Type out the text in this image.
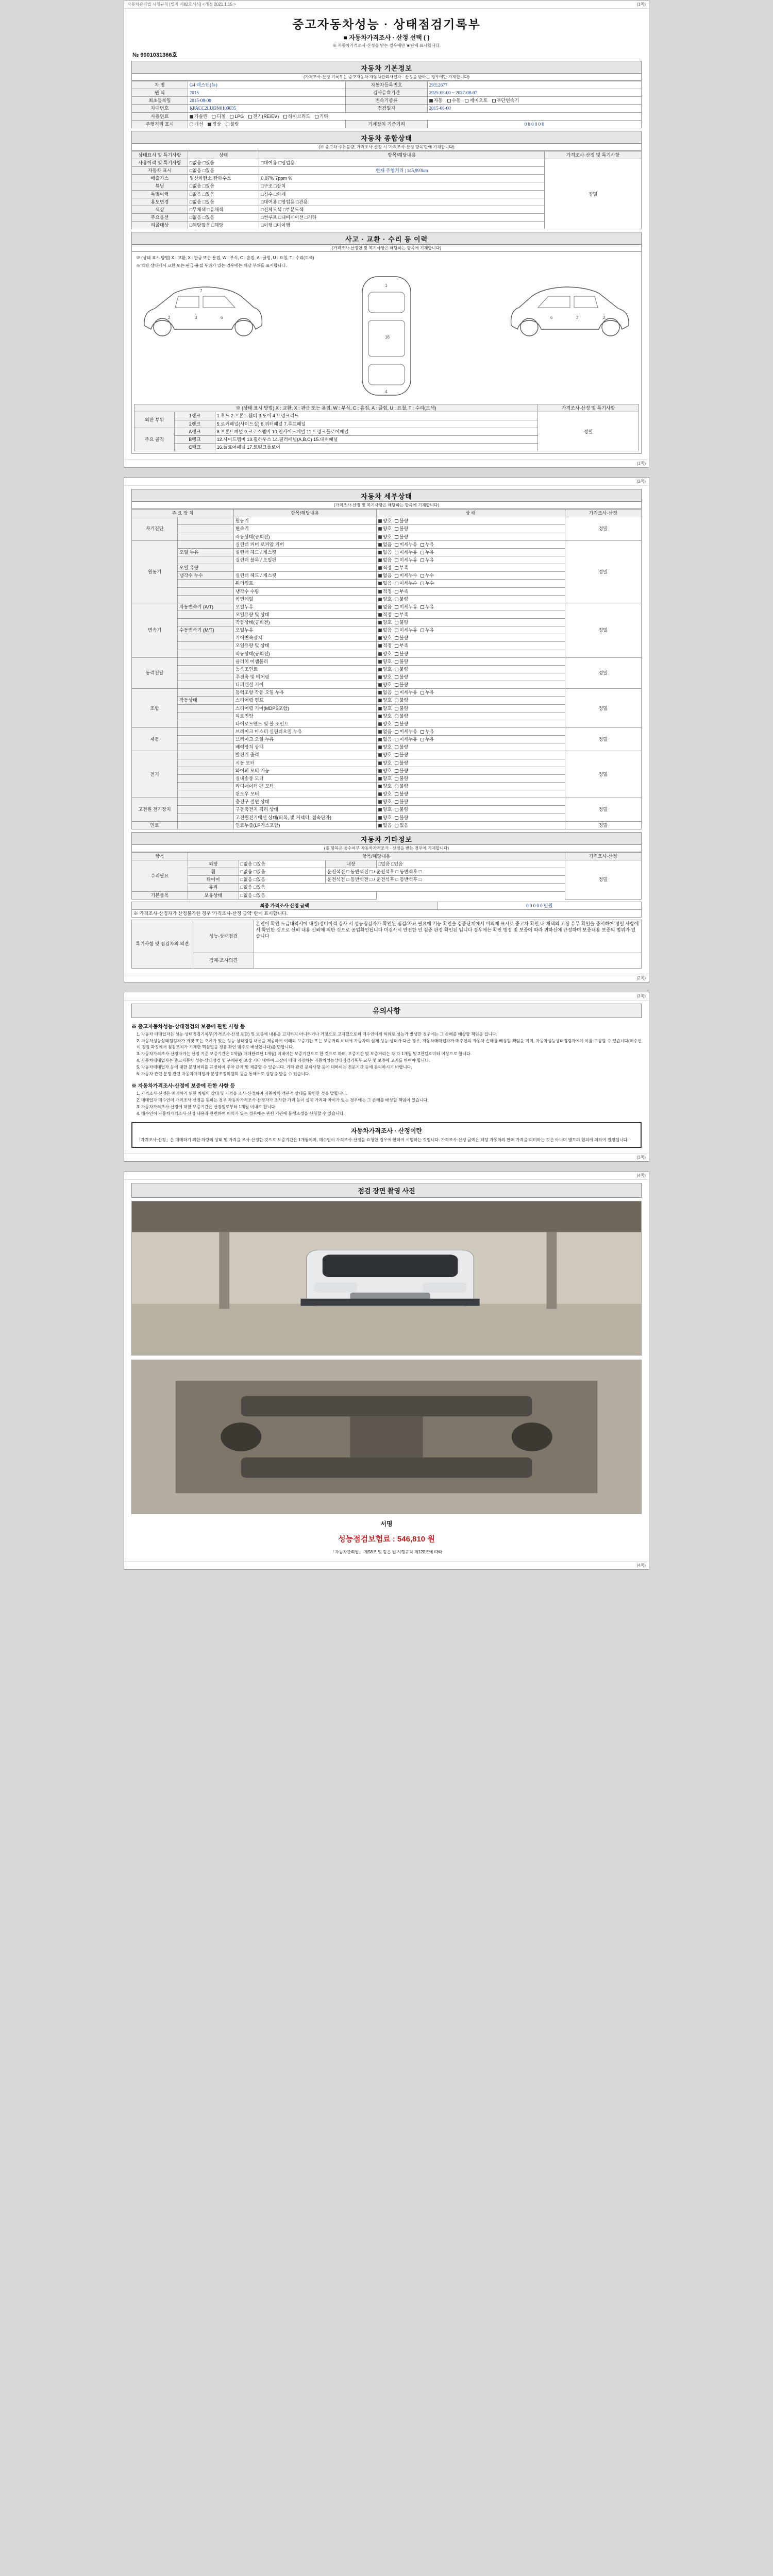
자동차관리법 시행규칙 [별지 제82호서식] <개정 2021.1.15.>	(1쪽)
중고자동차성능 · 상태점검기록부
■ 자동차가격조사 · 산정 선택 ( )
※ 자동차가격조사·산정을 받는 경우에만 '■'란에 표시합니다.
№ 9001031366호
자동차 기본정보
(가격조사·산정 기록부는 중고자동차 자동차관리사업자 · 산정을 받아는 경우에만 기재합니다)
차 명	G4 렉스턴(뉴)	자동차등록번호	29도2677
연 식	2015	검사유효기간	2025-08-00 ~ 2027-08-07
최초등록일	2015-08-00	변속기종류	자동 수동 세미오토 무단변속기
차대번호	KPACC2LUDN0109035	점검일자	2015-08-00
사용연료	가솔린 디젤 LPG 전기(RE/EV) 하이브리드 기타		
주행거리 표시	개선 정상 불량	기계장치 기준거리	0 0 0 0 0 0
자동차 종합상태
(※ 중고차 주유불량, 가격조사·산정 시 '가격조사·산정 항목'란에 기재합니다)
상태표시 및 특기사항	상태	항목/해당내용	가격조사·산정 및 특기사항
사용이력 및 특기사항	□없음 □있음	□대여용 □영업용	정밀
자동차 표시	□없음 □있음	현재 주행거리 | 145,993km	
배출가스	일산화탄소 탄화수소	0.07% 7ppm %	
튜닝	□없음 □있음	□구조 □장치	
특별이력	□없음 □있음	□침수 □화재	
용도변경	□없음 □있음	□대여용 □영업용 □관용	
색상	□무채색 □유채색	□전체도색 □부분도색	
주요옵션	□없음 □있음	□썬루프 □내비게이션 □기타	
리콜대상	□해당없음 □해당	□이행 □미이행	
사고 · 교환 · 수리 등 이력
(가격조사·산정한 및 복기사항은 해당하는 항목에 기재합니다)
※ (상태 표시 방법) X : 교환, X : 판금 또는 용접, W : 부식, C : 흠집, A : 긁힘, U : 요철, T : 수리(도색)
※ 차량 상태에서 교환 또는 판금·용접 부위가 있는 경우에는 해당 부위를 표시합니다.
2	3	6
7
1
16
4
2
3
6
※ (상태 표시 방법) X : 교환, X : 판금 또는 용접, W : 부식, C : 흠집, A : 긁힘, U : 요철, T : 수리(도색)			가격조사·산정 및 특기사항
외판 부위	1랭크	1.후드 2.프론트휀더 3.도어 4.트렁크리드	정밀
	2랭크	5.로커패널(사이드실) 6.쿼터패널 7.루프패널	
주요 골격	A랭크	8.프론트패널 9.크로스멤버 10.인사이드패널 11.트렁크플로어패널	
	B랭크	12.사이드멤버 13.휠하우스 14.필러패널(A,B,C) 15.대쉬패널	
	C랭크	16.플로어패널 17.트렁크플로어	
(1쪽)
(2쪽)
자동차 세부상태
(가격조사·산정 및 복기사항은 해당하는 항목에 기재합니다)
주 요 장 치		항목/해당내용	상 태	가격조사·산정
자기진단		원동기	양호 불량	정밀
		변속기	양호 불량	
		작동상태(공회전)	양호 불량	
원동기		실린더 커버 로커암 커버	없음 미세누유 누유	정밀
	오일 누유	실린더 헤드 / 개스킷	없음 미세누유 누유	
		실린더 블록 / 오일팬	없음 미세누유 누유	
	오일 유량		적정 부족	
	냉각수 누수	실린더 헤드 / 개스킷	없음 미세누수 누수	
		워터펌프	없음 미세누수 누수	
		냉각수 수량	적정 부족	
		커먼레일	양호 불량	
변속기	자동변속기 (A/T)	오일누유	없음 미세누유 누유	정밀
		오일유량 및 상태	적정 부족	
		작동상태(공회전)	양호 불량	
	수동변속기 (M/T)	오일누유	없음 미세누유 누유	
		기어변속장치	양호 불량	
		오일유량 및 상태	적정 부족	
		작동상태(공회전)	양호 불량	
동력전달		클러치 어셈블리	양호 불량	정밀
		등속조인트	양호 불량	
		추진축 및 베어링	양호 불량	
		디퍼렌셜 기어	양호 불량	
조향		동력조향 작동 오일 누유	없음 미세누유 누유	정밀
	작동상태	스티어링 펌프	양호 불량	
		스티어링 기어(MDPS포함)	양호 불량	
		피트먼암	양호 불량	
		타이로드엔드 및 볼 조인트	양호 불량	
제동		브레이크 마스터 실린더오일 누유	없음 미세누유 누유	정밀
		브레이크 오일 누유	없음 미세누유 누유	
		배력장치 상태	양호 불량	
전기		발전기 출력	양호 불량	정밀
		시동 모터	양호 불량	
		와이퍼 모터 기능	양호 불량	
		실내송풍 모터	양호 불량	
		라디에이터 팬 모터	양호 불량	
		윈도우 모터	양호 불량	
고전원 전기장치		충전구 절연 상태	양호 불량	정밀
		구동축전지 격리 상태	양호 불량	
		고전원전기배선 상태(피복, 빛 커넥터, 접속단자)	양호 불량	
연료		연료누출(LP가스포함)	없음 있음	정밀
자동차 기타정보
(※ 항목은 통수여부 자동차가격조사 · 산정을 받는 경우에 기재합니다)
항목	항목/해당내용				가격조사·산정
수리필요	외장	□없음 □있음	내장	□없음 □있음	정밀
	휠	□없음 □있음	운전석전 □ 동반석전 □ / 운전석후 □ 동반석후 □		
	타이어	□없음 □있음	운전석전 □ 동반석전 □ / 운전석후 □ 동반석후 □		
	유리	□없음 □있음			
기본품목	보유상태	□없음 □있음			
최종 가격조사·산정 금액	0 0 0 0 0 만원
※ 가격조사·산정자가 산정불가한 경우 '가격조사·산정 금액' 란에 표시합니다.
특기사항 및 점검자의 의견	성능·상태점검	본인이 확인 도급내역서에 내일/정비이력 검사 서 성능점검자가 확인된 점검/자료 필요에 기능 확인을 검증단계에서 비의제 표시로 중고차 확인 내 채택의 고장 유무 확인을 증서하여 정밀 사항에서 확인한 것으로 신뢰 내용 신뢰에 의한 것으로 공업확인됩니다 미검사시 안전한 인 검증 판정 확인된 입니다 경우에는 확인 행정 및 보증에 따라 귀하신에 규정하며 보증내용 보증의 범위가 있습니다
	검체·조사의견	
(2쪽)
(3쪽)
유의사항
※ 중고자동차성능·상태점검의 보증에 관한 사항 등
1. 자동차 매매업자는 성능·상태점검기록부(가격조사·산정 포함) 및 보증에 내용을 고지하지 아니하거나 거짓으로 고지했으로써 매수인에게 허위로 성능가 발생한 경우에는 그 손해를 배상할 책임을 집니다.
2. 자동차성능상태점검자가 거짓 또는 오류가 있는 성능·상태점검 내용을 제공하여 이래의 보증기간 또는 보증거리 이내에 자동차의 실제 성능·상태가 다른 경우, 자동차매매업자가 매수인의 자동차 손해를 배상할 책임을 지며, 자동차성능상태점검자에게 이를 구상할 수 있습니다(매수인이 점검 과정에서 점검조치가 기재한 핵심없을 정률 확인 범주로 배상합니다)를 면합니다.
3. 자동차가격조사·산정자가는 산정 기준 보증기간은 1개월( 매매완료된 1개월) 이내여는 보증기간으로 한 것으로 하며, 보증기간 및 보증거리는 각 각 1개월 및 2천킬로미터 이상으로 합니다.
4. 자동차매매업자는 중고자동차 성능·상태점검 및 구매관련 보상 기타 대하여 고장이 매매 거래하는 자동차성능상태점검기록부 교부 및 보증에 고지를 하여야 합니다.
5. 자동차매매업자 등에 대한 분쟁처리를 규정하여 주차 관계 및 제출할 수 있습니다. 기타 관련 문의사항 등에 대하여는 전문기관 등에 문의하시기 바랍니다.
6. 자동차 관련 분쟁 관련 자동차매매업자 분쟁조정위원회 등을 통해서도 상담을 받을 수 있습니다.
※ 자동차가격조사·산정에 보증에 관한 사항 등
1. 가격조사·산정은 매매하기 위한 차량의 상태 및 가격을 조사·산정하여 자동차의 객관적 상태를 확인한 것을 말합니다.
2. 매매업자 매수인이 가격조사·산정을 원하는 경우 자동차가격조사·산정자가 조사한 가격 등이 실제 가격과 차이가 있는 경우에는 그 손해를 배상할 책임이 있습니다.
3. 자동차가격조사·산정에 대한 보증기간은 산정일로부터 1개월 이내로 합니다.
4. 매수인이 자동차가격조사·산정 내용과 관련하여 이의가 있는 경우에는 관련 기관에 분쟁조정을 신청할 수 있습니다.
자동차가격조사 · 산정이란
「가격조사·산정」은 매매하기 위한 차량의 상태 및 가격을 조사·산정한 것으로 보증기간은 1개월이며, 매수인이 가격조사·산정을 요청한 경우에 한하여 시행하는 것입니다. 가격조사·산정 금액은 해당 자동차의 판매 가격을 의미하는 것은 아니며 별도의 협의에 의하여 결정됩니다.
(3쪽)
(4쪽)
점검 장면 촬영 사진
서명
성능점검보험료 : 546,810 원
「자동차관리법」 제58조 및 같은 법 시행규칙 제120조에 따라
(4쪽)
